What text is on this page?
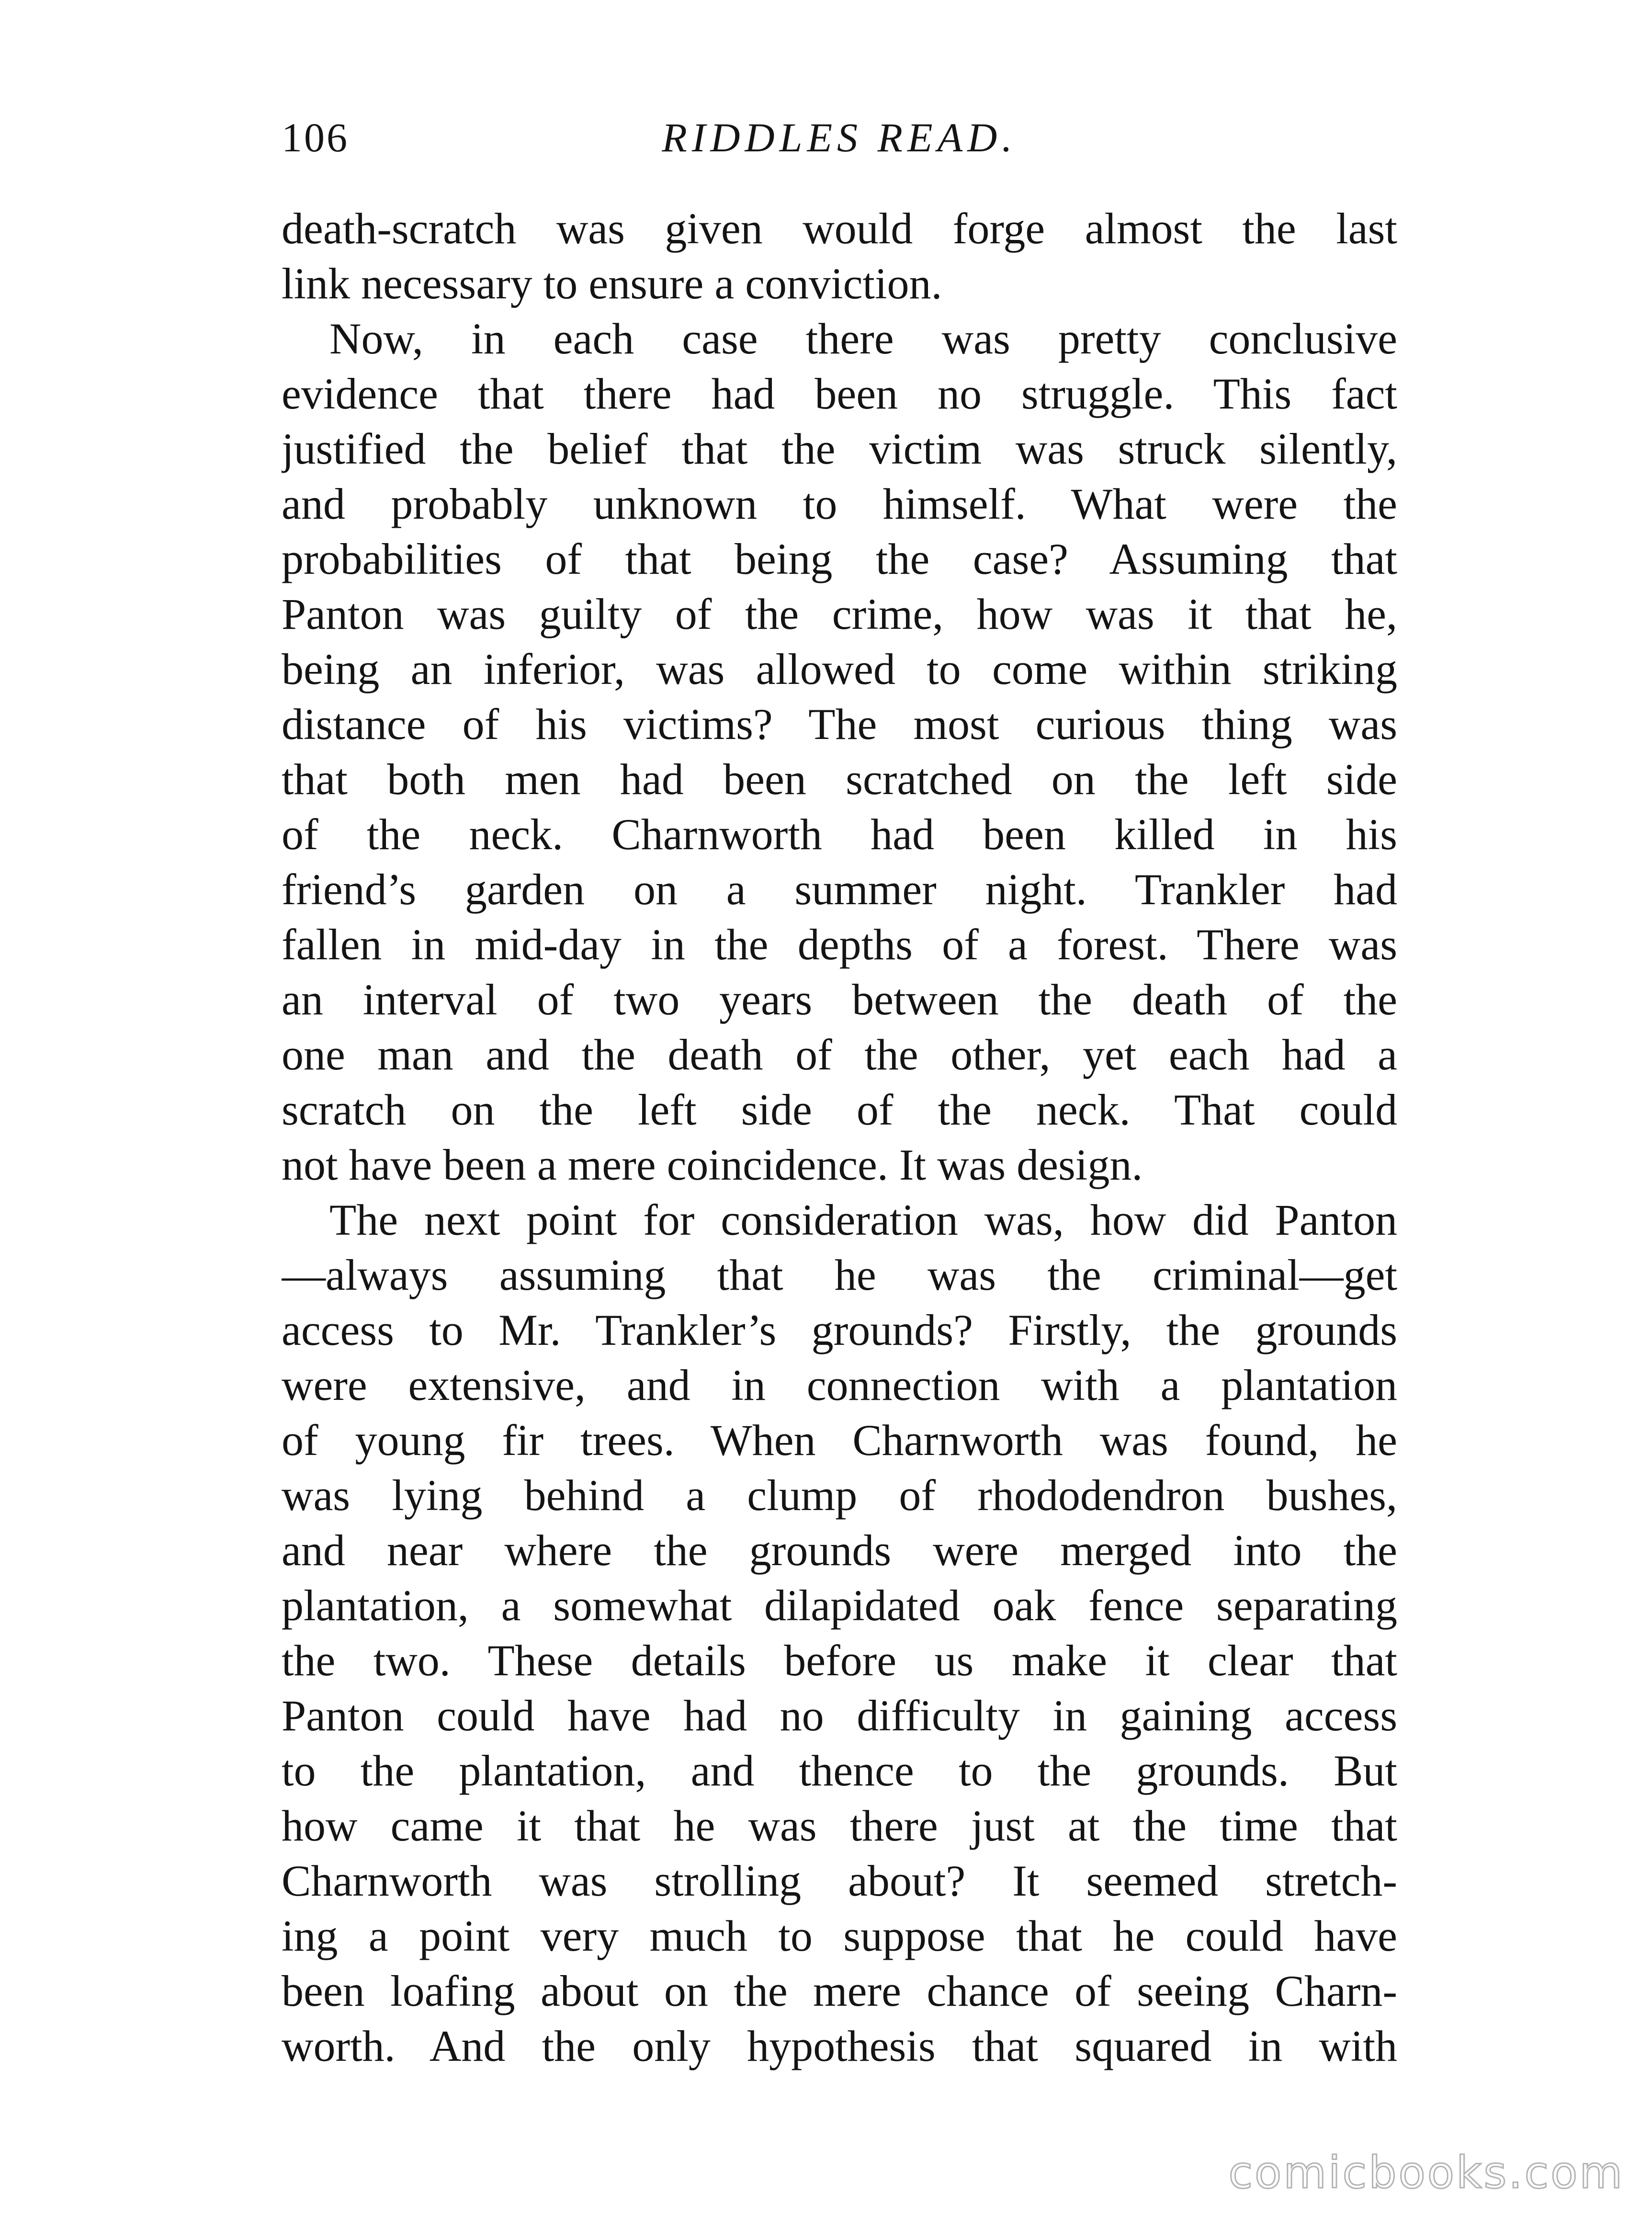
106	RIDDLES READ.
death-scratch was given would forge almost the last
link necessary to ensure a conviction.
Now, in each case there was pretty conclusive
evidence that there had been no struggle. This fact
justified the belief that the victim was struck silently,
and probably unknown to himself. What were the
probabilities of that being the case? Assuming that
Panton was guilty of the crime, how was it that he,
being an inferior, was allowed to come within striking
distance of his victims? The most curious thing was
that both men had been scratched on the left side
of the neck. Charnworth had been killed in his
friend’s garden on a summer night. Trankler had
fallen in mid-day in the depths of a forest. There was
an interval of two years between the death of the
one man and the death of the other, yet each had a
scratch on the left side of the neck. That could
not have been a mere coincidence. It was design.
The next point for consideration was, how did Panton
—always assuming that he was the criminal—get
access to Mr. Trankler’s grounds? Firstly, the grounds
were extensive, and in connection with a plantation
of young fir trees. When Charnworth was found, he
was lying behind a clump of rhododendron bushes,
and near where the grounds were merged into the
plantation, a somewhat dilapidated oak fence separating
the two. These details before us make it clear that
Panton could have had no difficulty in gaining access
to the plantation, and thence to the grounds. But
how came it that he was there just at the time that
Charnworth was strolling about? It seemed stretch-
ing a point very much to suppose that he could have
been loafing about on the mere chance of seeing Charn-
worth. And the only hypothesis that squared in with
comicbooks.com
